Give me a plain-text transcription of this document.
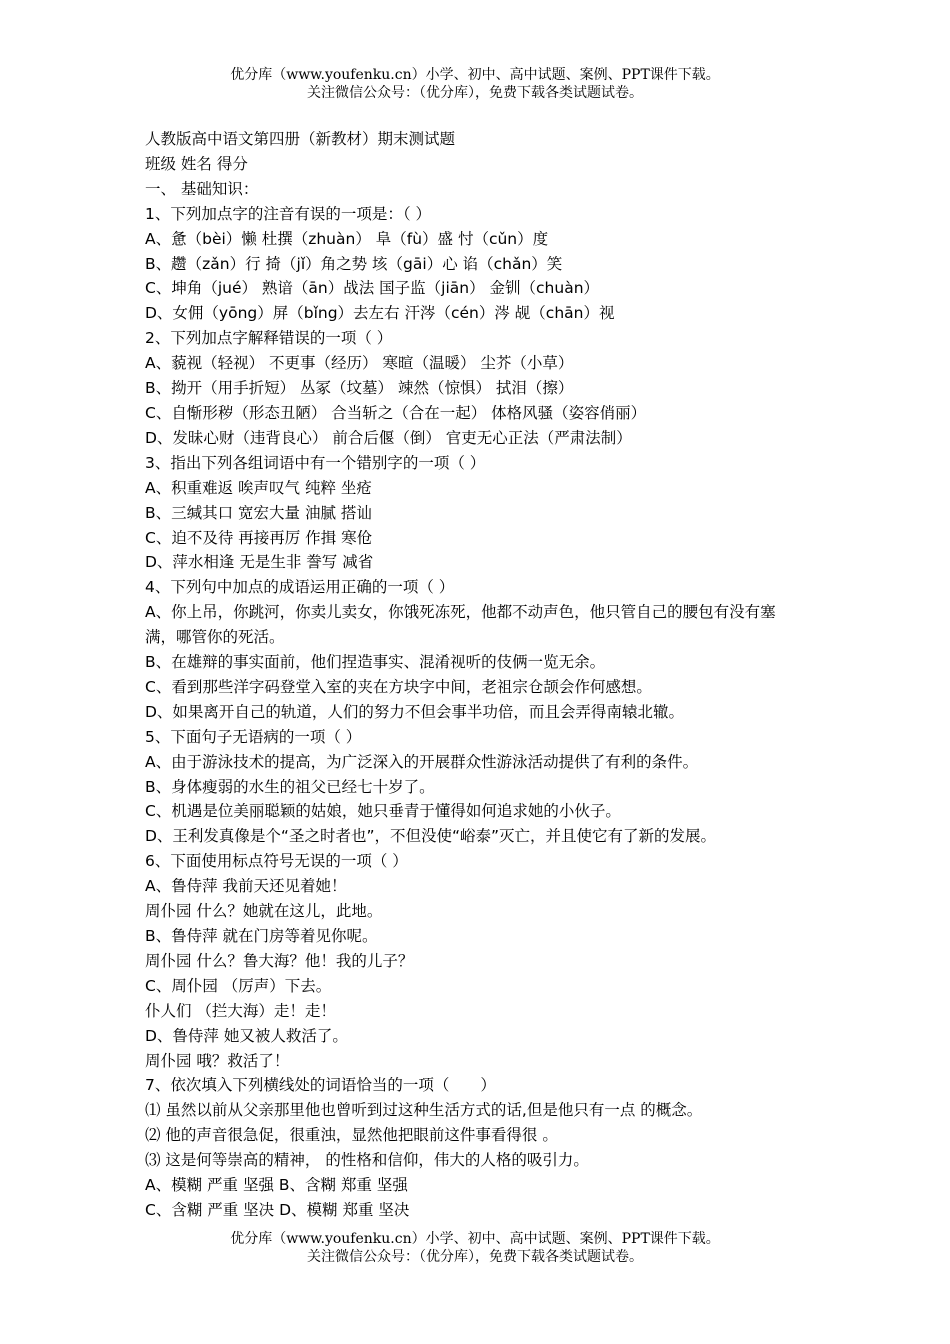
优分库（www.youfenku.cn）小学、初中、高中试题、案例、PPT课件下载。
关注微信公众号：（优分库），免费下载各类试题试卷。

人教版高中语文第四册（新教材）期末测试题

班级 姓名 得分

一、 基础知识：

1、下列加点字的注音有误的一项是：（ ）

A、惫（bèi）懒 杜撰（zhuàn） 阜（fù）盛 忖（cǔn）度

B、趱（zǎn）行 掎（jǐ）角之势 垓（gāi）心 谄（chǎn）笑

C、坤角（jué） 熟谙（ān）战法 国子监（jiān） 金钏（chuàn）

D、女佣（yōng）屏（bǐng）去左右 汗涔（cén）涔 觇（chān）视

2、下列加点字解释错误的一项（ ）

A、藐视（轻视） 不更事（经历） 寒暄（温暖） 尘芥（小草）

B、拗开（用手折短） 丛冢（坟墓） 竦然（惊惧） 拭泪（擦）

C、自惭形秽（形态丑陋） 合当斩之（合在一起） 体格风骚（姿容俏丽）

D、发昧心财（违背良心） 前合后偃（倒） 官吏无心正法（严肃法制）

3、指出下列各组词语中有一个错别字的一项（ ）

A、积重难返 唉声叹气 纯粹 坐疮

B、三缄其口 宽宏大量 油腻 搭讪

C、迫不及待 再接再厉 作揖 寒伧

D、萍水相逢 无是生非 誊写 减省

4、下列句中加点的成语运用正确的一项（ ）

A、你上吊，你跳河，你卖儿卖女，你饿死冻死，他都不动声色，他只管自己的腰包有没有塞满，哪管你的死活。

B、在雄辩的事实面前，他们捏造事实、混淆视听的伎俩一览无余。

C、看到那些洋字码登堂入室的夹在方块字中间，老祖宗仓颉会作何感想。

D、如果离开自己的轨道，人们的努力不但会事半功倍，而且会弄得南辕北辙。

5、下面句子无语病的一项（ ）

A、由于游泳技术的提高，为广泛深入的开展群众性游泳活动提供了有利的条件。

B、身体瘦弱的水生的祖父已经七十岁了。

C、机遇是位美丽聪颖的姑娘，她只垂青于懂得如何追求她的小伙子。

D、王利发真像是个“圣之时者也”，不但没使“峪泰”灭亡，并且使它有了新的发展。

6、下面使用标点符号无误的一项（ ）

A、鲁侍萍 我前天还见着她！

周仆园 什么？她就在这儿，此地。

B、鲁侍萍 就在门房等着见你呢。

周仆园 什么？鲁大海？他！我的儿子？

C、周仆园 （厉声）下去。

仆人们 （拦大海）走！走！

D、鲁侍萍 她又被人救活了。

周仆园 哦？救活了！

7、依次填入下列横线处的词语恰当的一项（　　）

⑴ 虽然以前从父亲那里他也曾听到过这种生活方式的话,但是他只有一点 的概念。

⑵ 他的声音很急促，很重浊，显然他把眼前这件事看得很 。

⑶ 这是何等崇高的精神， 的性格和信仰，伟大的人格的吸引力。

A、模糊 严重 坚强 B、含糊 郑重 坚强

C、含糊 严重 坚决 D、模糊 郑重 坚决

优分库（www.youfenku.cn）小学、初中、高中试题、案例、PPT课件下载。
关注微信公众号：（优分库），免费下载各类试题试卷。
